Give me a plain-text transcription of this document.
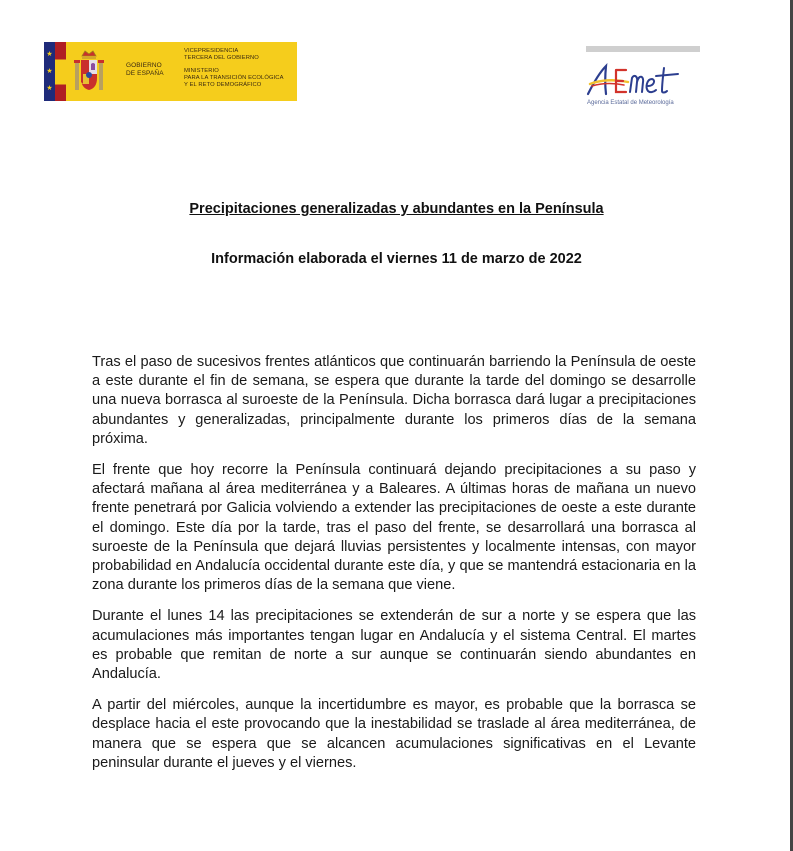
★
★
★
GOBIERNO
DE ESPAÑA
VICEPRESIDENCIA
TERCERA DEL GOBIERNO
MINISTERIO
PARA LA TRANSICIÓN ECOLÓGICA
Y EL RETO DEMOGRÁFICO
Agencia Estatal de Meteorología
Precipitaciones generalizadas y abundantes en la Península
Información elaborada el viernes 11 de marzo de 2022

Tras el paso de sucesivos frentes atlánticos que continuarán barriendo la Península de oeste a este durante el fin de semana, se espera que durante la tarde del domingo se desarrolle una nueva borrasca al suroeste de la Península. Dicha borrasca dará lugar a precipitaciones abundantes y generalizadas, principalmente durante los primeros días de la semana próxima.

El frente que hoy recorre la Península continuará dejando precipitaciones a su paso y afectará mañana al área mediterránea y a Baleares. A últimas horas de mañana un nuevo frente penetrará por Galicia volviendo a extender las precipitaciones de oeste a este durante el domingo. Este día por la tarde, tras el paso del frente, se desarrollará una borrasca al suroeste de la Península que dejará lluvias persistentes y localmente intensas, con mayor probabilidad en Andalucía occidental durante este día, y que se mantendrá estacionaria en la zona durante los primeros días de la semana que viene.

Durante el lunes 14 las precipitaciones se extenderán de sur a norte y se espera que las acumulaciones más importantes tengan lugar en Andalucía y el sistema Central. El martes es probable que remitan de norte a sur aunque se continuarán siendo abundantes en Andalucía.

A partir del miércoles, aunque la incertidumbre es mayor, es probable que la borrasca se desplace hacia el este provocando que la inestabilidad se traslade al área mediterránea, de manera que se espera que se alcancen acumulaciones significativas en el Levante peninsular durante el jueves y el viernes.
